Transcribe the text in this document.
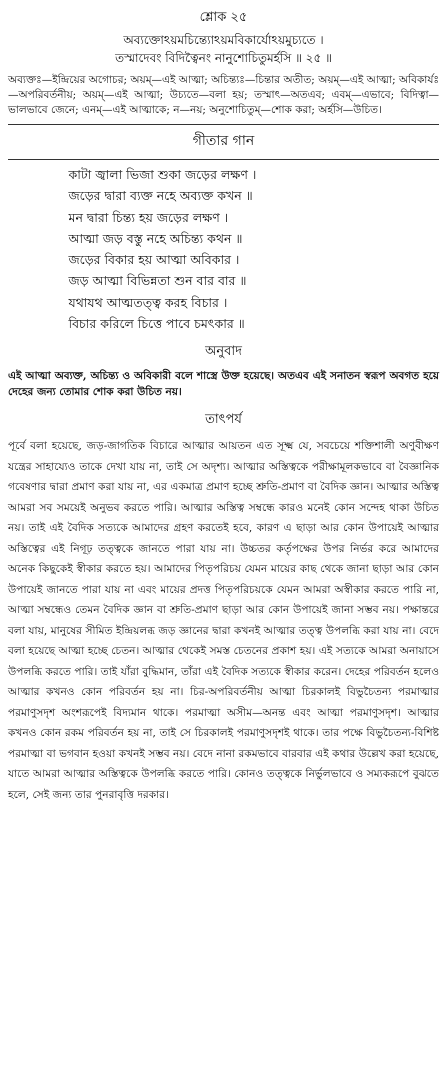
শ্লোক ২৫
অব্যক্তোঽয়মচিন্ত্যোঽয়মবিকার্যোঽয়মুচ্যতে ।
তস্মাদেবং বিদিত্বৈনং নানুশোচিতুমর্হসি ॥ ২৫ ॥
অব্যক্তঃ—ইন্দ্রিয়ের অগোচর; অয়ম্—এই আত্মা; অচিন্ত্যঃ—চিন্তার অতীত; অয়ম্—এই আত্মা; অবিকার্যঃ—অপরিবর্তনীয়; অয়ম্—এই আত্মা; উচ্যতে—বলা হয়; তস্মাৎ—অতএব; এবম্—এভাবে; বিদিত্বা—ভালভাবে জেনে; এনম্—এই আত্মাকে; ন—নয়; অনুশোচিতুম্—শোক করা; অর্হসি—উচিত।
গীতার গান
কাটা জ্বালা ভিজা শুকা জড়ের লক্ষণ ।
জড়ের দ্বারা ব্যক্ত নহে অব্যক্ত কখন ॥
মন দ্বারা চিন্ত্য হয় জড়ের লক্ষণ ।
আত্মা জড় বস্তু নহে অচিন্ত্য কথন ॥
জড়ের বিকার হয় আত্মা অবিকার ।
জড় আত্মা বিভিন্নতা শুন বার বার ॥
যথাযথ আত্মতত্ত্ব করহ বিচার ।
বিচার করিলে চিত্তে পাবে চমৎকার ॥
অনুবাদ
এই আত্মা অব্যক্ত, অচিন্ত্য ও অবিকারী বলে শাস্ত্রে উক্ত হয়েছে। অতএব এই সনাতন স্বরূপ অবগত হয়ে দেহের জন্য তোমার শোক করা উচিত নয়।
তাৎপর্য
পূর্বে বলা হয়েছে, জড়-জাগতিক বিচারে আত্মার আয়তন এত সূক্ষ্ম যে, সবচেয়ে শক্তিশালী অণুবীক্ষণ যন্ত্রের সাহায্যেও তাকে দেখা যায় না, তাই সে অদৃশ্য। আত্মার অস্তিত্বকে পরীক্ষামূলকভাবে বা বৈজ্ঞানিক গবেষণার দ্বারা প্রমাণ করা যায় না, এর একমাত্র প্রমাণ হচ্ছে শ্রুতি-প্রমাণ বা বৈদিক জ্ঞান। আত্মার অস্তিত্ব আমরা সব সময়েই অনুভব করতে পারি। আত্মার অস্তিত্ব সম্বন্ধে কারও মনেই কোন সন্দেহ থাকা উচিত নয়। তাই এই বৈদিক সত্যকে আমাদের গ্রহণ করতেই হবে, কারণ এ ছাড়া আর কোন উপায়েই আত্মার অস্তিত্বের এই নিগূঢ় তত্ত্বকে জানতে পারা যায় না। উচ্চতর কর্তৃপক্ষের উপর নির্ভর করে আমাদের অনেক কিছুকেই স্বীকার করতে হয়। আমাদের পিতৃপরিচয় যেমন মায়ের কাছ থেকে জানা ছাড়া আর কোন উপায়েই জানতে পারা যায় না এবং মায়ের প্রদত্ত পিতৃপরিচয়কে যেমন আমরা অস্বীকার করতে পারি না, আত্মা সম্বন্ধেও তেমন বৈদিক জ্ঞান বা শ্রুতি-প্রমাণ ছাড়া আর কোন উপায়েই জানা সম্ভব নয়। পক্ষান্তরে বলা যায়, মানুষের সীমিত ইন্দ্রিয়লব্ধ জড় জ্ঞানের দ্বারা কখনই আত্মার তত্ত্ব উপলব্ধি করা যায় না। বেদে বলা হয়েছে আত্মা হচ্ছে চেতন। আত্মার থেকেই সমস্ত চেতনের প্রকাশ হয়। এই সত্যকে আমরা অনায়াসে উপলব্ধি করতে পারি। তাই যাঁরা বুদ্ধিমান, তাঁরা এই বৈদিক সত্যকে স্বীকার করেন। দেহের পরিবর্তন হলেও আত্মার কখনও কোন পরিবর্তন হয় না। চির-অপরিবর্তনীয় আত্মা চিরকালই বিভুচৈতন্য পরমাত্মার পরমাণুসদৃশ অংশরূপেই বিদ্যমান থাকে। পরমাত্মা অসীম—অনন্ত এবং আত্মা পরমাণুসদৃশ। আত্মার কখনও কোন রকম পরিবর্তন হয় না, তাই সে চিরকালই পরমাণুসদৃশই থাকে। তার পক্ষে বিভুচৈতন্য-বিশিষ্ট পরমাত্মা বা ভগবান হওয়া কখনই সম্ভব নয়। বেদে নানা রকমভাবে বারবার এই কথার উল্লেখ করা হয়েছে, যাতে আমরা আত্মার অস্তিত্বকে উপলব্ধি করতে পারি। কোনও তত্ত্বকে নির্ভুলভাবে ও সম্যকরূপে বুঝতে হলে, সেই জন্য তার পুনরাবৃত্তি দরকার।
